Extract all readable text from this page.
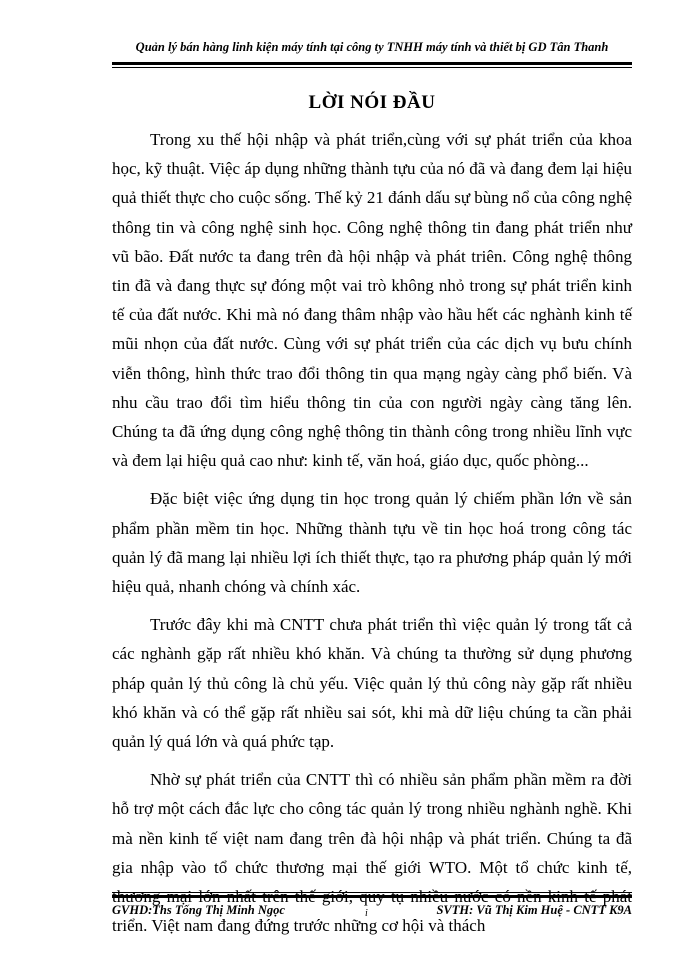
Quản lý bán hàng linh kiện máy tính tại công ty TNHH máy tính và thiết bị GD Tân Thanh
LỜI NÓI ĐẦU

Trong xu thế hội nhập và phát triển,cùng với sự phát triển của khoa học, kỹ thuật. Việc áp dụng những thành tựu của nó đã và đang đem lại hiệu quả thiết thực cho cuộc sống. Thế kỷ 21 đánh dấu sự bùng nổ của công nghệ thông tin và công nghệ sinh học. Công nghệ thông tin đang phát triển như vũ bão. Đất nước ta đang trên đà hội nhập và phát triên. Công nghệ thông tin đã và đang thực sự đóng một vai trò không nhỏ trong sự phát triển kinh tế của đất nước. Khi mà nó đang thâm nhập vào hầu hết các nghành kinh tế mũi nhọn của đất nước. Cùng với sự phát triển của các dịch vụ bưu chính viễn thông, hình thức trao đổi thông tin qua mạng ngày càng phổ biến. Và nhu cầu trao đổi tìm hiểu thông tin của con người ngày càng tăng lên. Chúng ta đã ứng dụng công nghệ thông tin thành công trong nhiều lĩnh vực và đem lại hiệu quả cao như: kinh tế, văn hoá, giáo dục, quốc phòng...

Đặc biệt việc ứng dụng tin học trong quản lý chiếm phần lớn về sản phẩm phần mềm tin học. Những thành tựu về tin học hoá trong công tác quản lý đã mang lại nhiều lợi ích thiết thực, tạo ra phương pháp quản lý mới hiệu quả, nhanh chóng và chính xác.

Trước đây khi mà CNTT chưa phát triển thì việc quản lý trong tất cả các nghành gặp rất nhiều khó khăn. Và chúng ta thường sử dụng phương pháp quản lý thủ công là chủ yếu. Việc quản lý thủ công này gặp rất nhiều khó khăn và có thể gặp rất nhiều sai sót, khi mà dữ liệu chúng ta cần phải quản lý quá lớn và quá phức tạp.

Nhờ sự phát triển của CNTT thì có nhiều sản phẩm phần mềm ra đời hỗ trợ một cách đắc lực cho công tác quản lý trong nhiều nghành nghề. Khi mà nền kinh tế việt nam đang trên đà hội nhập và phát triển. Chúng ta đã gia nhập vào tổ chức thương mại thế giới WTO. Một tổ chức kinh tế, triển. Việt nam đang đứng trước những cơ hội và thách

GVHD:Ths Tống Thị Minh Ngọc	i	SVTH: Vũ Thị Kim Huệ - CNTT K9A
